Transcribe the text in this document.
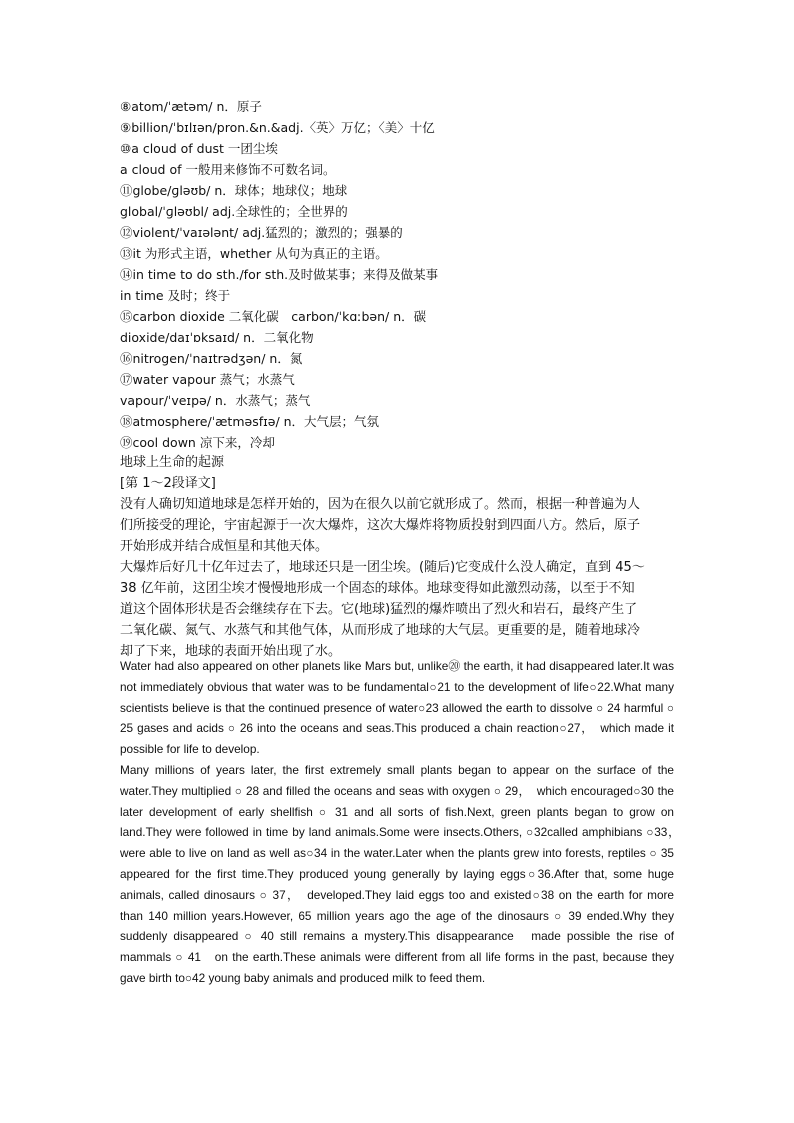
⑧atom/ˈætəm/ n．原子
⑨billion/ˈbɪlɪən/pron.&n.&adj.〈英〉万亿；〈美〉十亿
⑩a cloud of dust 一团尘埃
a cloud of 一般用来修饰不可数名词。
⑪globe/ɡləʊb/ n．球体；地球仪；地球
global/ˈɡləʊbl/ adj.全球性的；全世界的
⑫violent/ˈvaɪələnt/ adj.猛烈的；激烈的；强暴的
⑬it 为形式主语，whether 从句为真正的主语。
⑭in time to do sth./for sth.及时做某事；来得及做某事
in time 及时；终于
⑮carbon dioxide 二氧化碳　carbon/ˈkɑːbən/ n．碳
dioxide/daɪˈɒksaɪd/ n．二氧化物
⑯nitrogen/ˈnaɪtrədʒən/ n．氮
⑰water vapour 蒸气；水蒸气
vapour/ˈveɪpə/ n．水蒸气；蒸气
⑱atmosphere/ˈætməsfɪə/ n．大气层；气氛
⑲cool down 凉下来，冷却
地球上生命的起源
[第 1～2段译文]
没有人确切知道地球是怎样开始的，因为在很久以前它就形成了。然而，根据一种普遍为人
们所接受的理论，宇宙起源于一次大爆炸，这次大爆炸将物质投射到四面八方。然后，原子
开始形成并结合成恒星和其他天体。
大爆炸后好几十亿年过去了，地球还只是一团尘埃。(随后)它变成什么没人确定，直到 45～
38 亿年前，这团尘埃才慢慢地形成一个固态的球体。地球变得如此激烈动荡，以至于不知
道这个固体形状是否会继续存在下去。它(地球)猛烈的爆炸喷出了烈火和岩石，最终产生了
二氧化碳、氮气、水蒸气和其他气体，从而形成了地球的大气层。更重要的是，随着地球冷
却了下来，地球的表面开始出现了水。

Water had also appeared on other planets like Mars but, unlike⑳ the earth, it had disappeared later.It was not immediately obvious that water was to be fundamental○21 to the development of life○22.What many scientists believe is that the continued presence of water○23 allowed the earth to dissolve ○ 24 harmful ○ 25 gases and acids ○ 26 into the oceans and seas.This produced a chain reaction○27，　which made it possible for life to develop.

Many millions of years later, the first extremely small plants began to appear on the surface of the water.They multiplied ○ 28 and filled the oceans and seas with oxygen ○ 29，　which encouraged○30 the later development of early shellfish ○ 31 and all sorts of fish.Next, green plants began to grow on land.They were followed in time by land animals.Some were insects.Others, ○32called amphibians ○33，　were able to live on land as well as○34 in the water.Later when the plants grew into forests, reptiles ○ 35 appeared for the first time.They produced young generally by laying eggs○36.After that, some huge animals, called dinosaurs ○ 37，　developed.They laid eggs too and existed○38 on the earth for more than 140 million years.However, 65 million years ago the age of the dinosaurs ○ 39 ended.Why they suddenly disappeared ○ 40 still remains a mystery.This disappearance　made possible the rise of mammals ○ 41　on the earth.These animals were different from all life forms in the past, because they gave birth to○42 young baby animals and produced milk to feed them.
